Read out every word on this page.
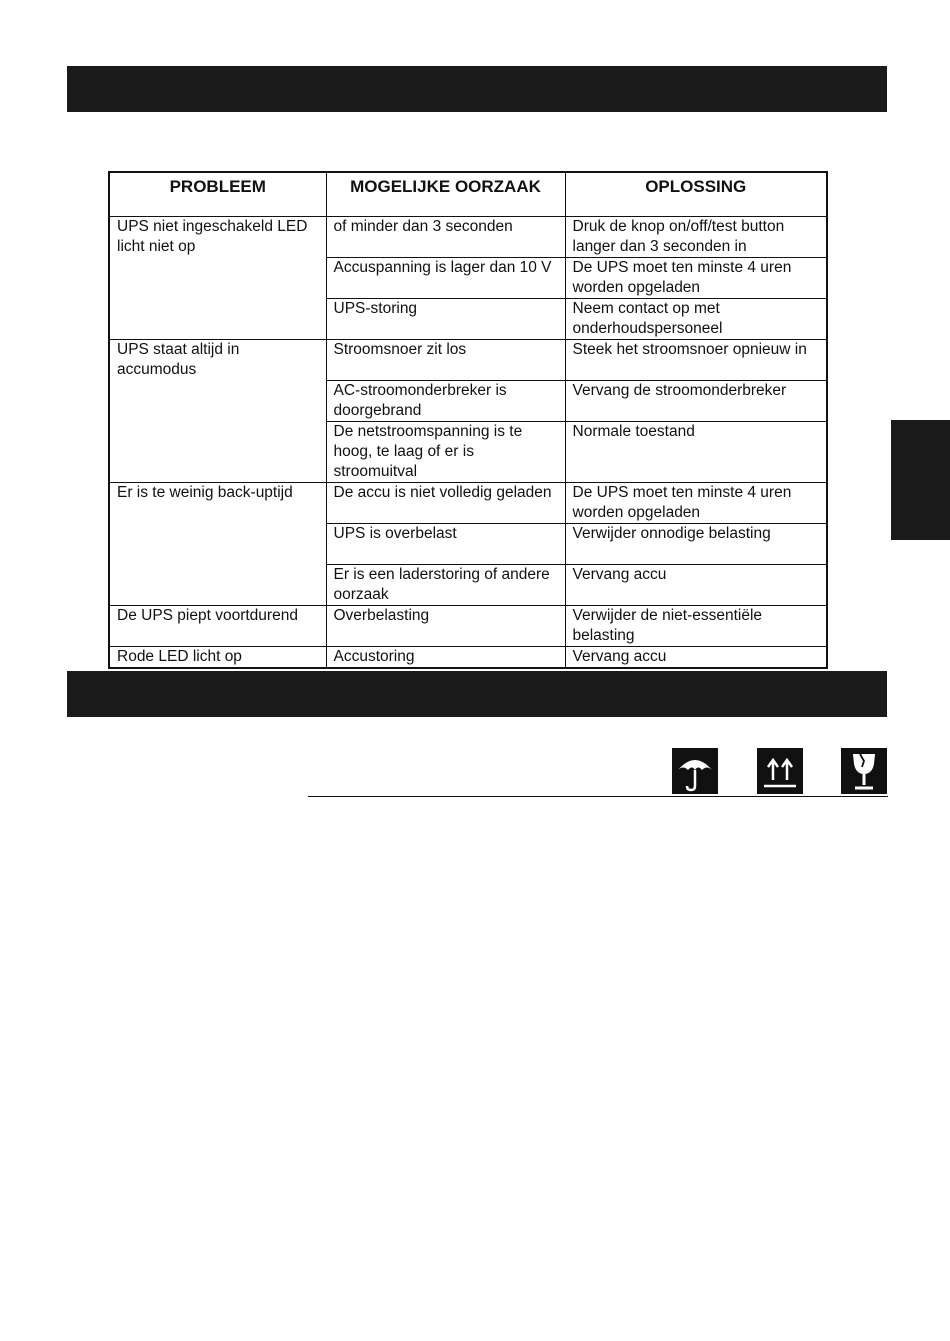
PROBLEEM	MOGELIJKE OORZAAK	OPLOSSING
UPS niet ingeschakeld LED licht niet op	of minder dan 3 seconden	Druk de knop on/off/test button langer dan 3 seconden in
	Accuspanning is lager dan 10 V	De UPS moet ten minste 4 uren worden opgeladen
	UPS-storing	Neem contact op met onderhoudspersoneel
UPS staat altijd in accumodus	Stroomsnoer zit los	Steek het stroomsnoer opnieuw in
	AC-stroomonderbreker is doorgebrand	Vervang de stroomonderbreker
	De netstroomspanning is te hoog, te laag of er is stroomuitval	Normale toestand
Er is te weinig back-uptijd	De accu is niet volledig geladen	De UPS moet ten minste 4 uren worden opgeladen
	UPS is overbelast	Verwijder onnodige belasting
	Er is een laderstoring of andere oorzaak	Vervang accu
De UPS piept voortdurend	Overbelasting	Verwijder de niet-essentiële belasting
Rode LED licht op	Accustoring	Vervang accu
